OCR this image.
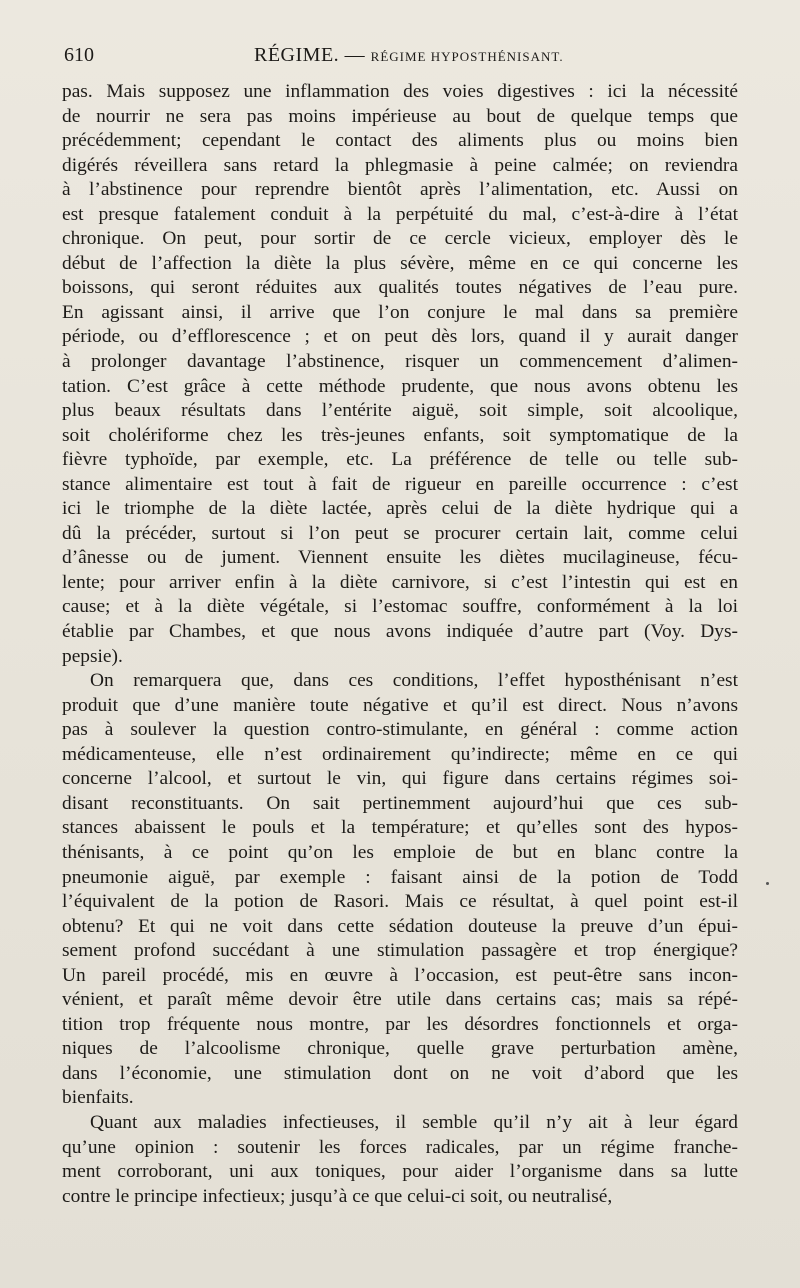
610	RÉGIME. — RÉGIME HYPOSTHÉNISANT.

pas. Mais supposez une inflammation des voies digestives : ici la nécessité
de nourrir ne sera pas moins impérieuse au bout de quelque temps que
précédemment; cependant le contact des aliments plus ou moins bien
digérés réveillera sans retard la phlegmasie à peine calmée; on reviendra
à l’abstinence pour reprendre bientôt après l’alimentation, etc. Aussi on
est presque fatalement conduit à la perpétuité du mal, c’est-à-dire à l’état
chronique. On peut, pour sortir de ce cercle vicieux, employer dès le
début de l’affection la diète la plus sévère, même en ce qui concerne les
boissons, qui seront réduites aux qualités toutes négatives de l’eau pure.
En agissant ainsi, il arrive que l’on conjure le mal dans sa première
période, ou d’efflorescence ; et on peut dès lors, quand il y aurait danger
à prolonger davantage l’abstinence, risquer un commencement d’alimen-
tation. C’est grâce à cette méthode prudente, que nous avons obtenu les
plus beaux résultats dans l’entérite aiguë, soit simple, soit alcoolique,
soit cholériforme chez les très-jeunes enfants, soit symptomatique de la
fièvre typhoïde, par exemple, etc. La préférence de telle ou telle sub-
stance alimentaire est tout à fait de rigueur en pareille occurrence : c’est
ici le triomphe de la diète lactée, après celui de la diète hydrique qui a
dû la précéder, surtout si l’on peut se procurer certain lait, comme celui
d’ânesse ou de jument. Viennent ensuite les diètes mucilagineuse, fécu-
lente; pour arriver enfin à la diète carnivore, si c’est l’intestin qui est en
cause; et à la diète végétale, si l’estomac souffre, conformément à la loi
établie par Chambes, et que nous avons indiquée d’autre part (Voy. Dys-
pepsie).

On remarquera que, dans ces conditions, l’effet hyposthénisant n’est
produit que d’une manière toute négative et qu’il est direct. Nous n’avons
pas à soulever la question contro-stimulante, en général : comme action
médicamenteuse, elle n’est ordinairement qu’indirecte; même en ce qui
concerne l’alcool, et surtout le vin, qui figure dans certains régimes soi-
disant reconstituants. On sait pertinemment aujourd’hui que ces sub-
stances abaissent le pouls et la température; et qu’elles sont des hypos-
thénisants, à ce point qu’on les emploie de but en blanc contre la
pneumonie aiguë, par exemple : faisant ainsi de la potion de Todd
l’équivalent de la potion de Rasori. Mais ce résultat, à quel point est-il
obtenu? Et qui ne voit dans cette sédation douteuse la preuve d’un épui-
sement profond succédant à une stimulation passagère et trop énergique?
Un pareil procédé, mis en œuvre à l’occasion, est peut-être sans incon-
vénient, et paraît même devoir être utile dans certains cas; mais sa répé-
tition trop fréquente nous montre, par les désordres fonctionnels et orga-
niques de l’alcoolisme chronique, quelle grave perturbation amène,
dans l’économie, une stimulation dont on ne voit d’abord que les
bienfaits.

Quant aux maladies infectieuses, il semble qu’il n’y ait à leur égard
qu’une opinion : soutenir les forces radicales, par un régime franche-
ment corroborant, uni aux toniques, pour aider l’organisme dans sa lutte
contre le principe infectieux; jusqu’à ce que celui-ci soit, ou neutralisé,
